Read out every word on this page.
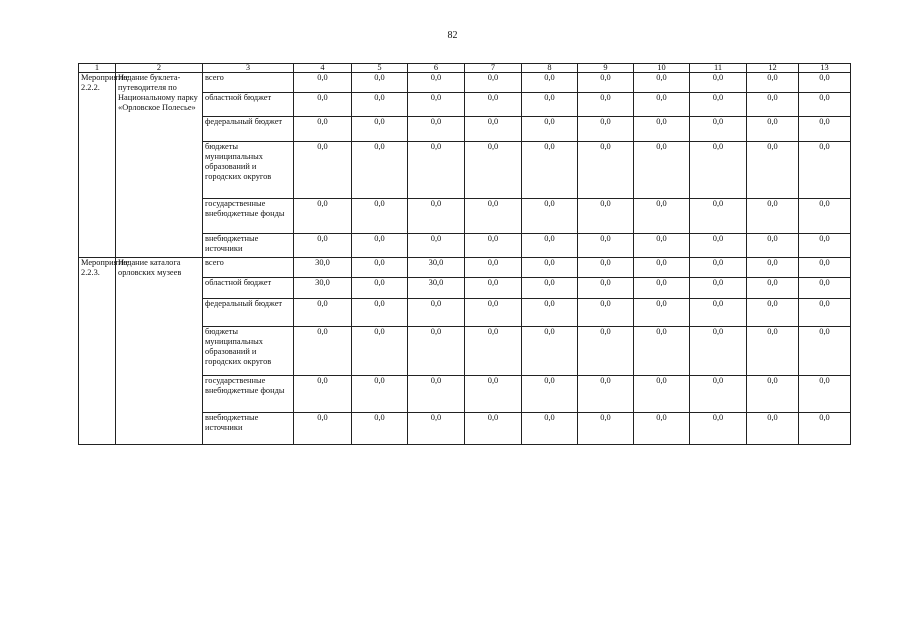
82
1	2	3	4	5	6	7	8	9	10	11	12	13
Мероприятие 2.2.2.	Издание буклета-путеводителя по Национальному парку «Орловское Полесье»	всего	0,0	0,0	0,0	0,0	0,0	0,0	0,0	0,0	0,0	0,0
		областной бюджет	0,0	0,0	0,0	0,0	0,0	0,0	0,0	0,0	0,0	0,0
		федеральный бюджет	0,0	0,0	0,0	0,0	0,0	0,0	0,0	0,0	0,0	0,0
		бюджеты муниципальных образований и городских округов	0,0	0,0	0,0	0,0	0,0	0,0	0,0	0,0	0,0	0,0
		государственные внебюджетные фонды	0,0	0,0	0,0	0,0	0,0	0,0	0,0	0,0	0,0	0,0
		внебюджетные источники	0,0	0,0	0,0	0,0	0,0	0,0	0,0	0,0	0,0	0,0
Мероприятие 2.2.3.	Издание каталога орловских музеев	всего	30,0	0,0	30,0	0,0	0,0	0,0	0,0	0,0	0,0	0,0
		областной бюджет	30,0	0,0	30,0	0,0	0,0	0,0	0,0	0,0	0,0	0,0
		федеральный бюджет	0,0	0,0	0,0	0,0	0,0	0,0	0,0	0,0	0,0	0,0
		бюджеты муниципальных образований и городских округов	0,0	0,0	0,0	0,0	0,0	0,0	0,0	0,0	0,0	0,0
		государственные внебюджетные фонды	0,0	0,0	0,0	0,0	0,0	0,0	0,0	0,0	0,0	0,0
		внебюджетные источники	0,0	0,0	0,0	0,0	0,0	0,0	0,0	0,0	0,0	0,0
